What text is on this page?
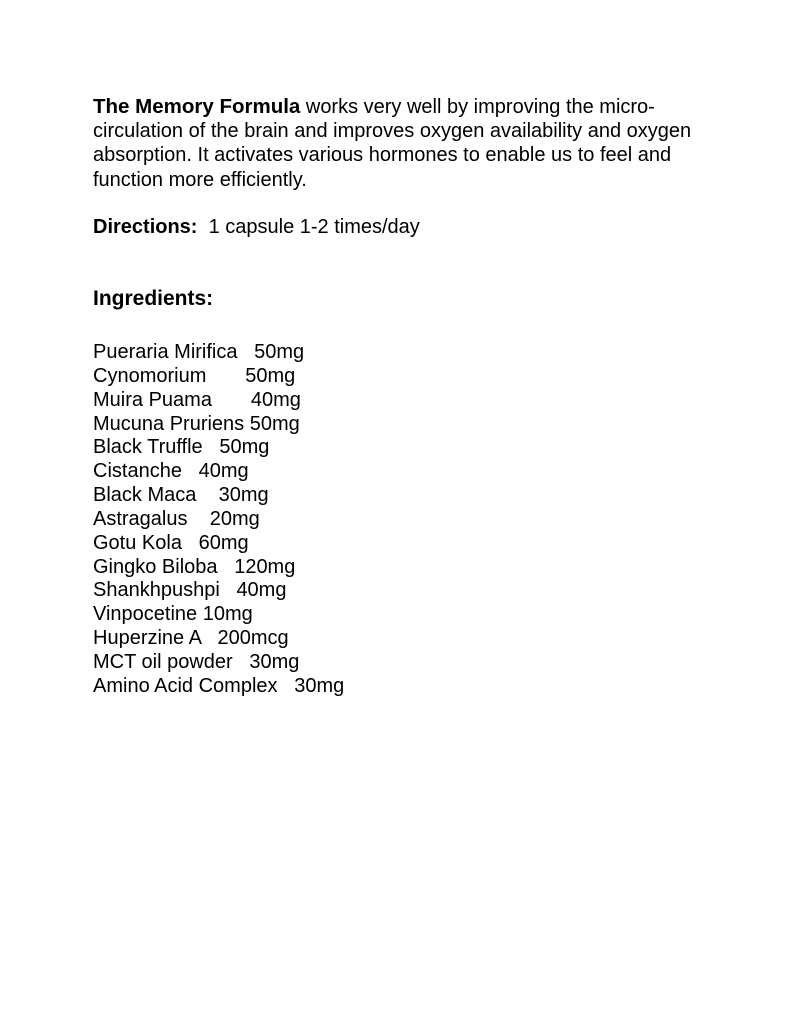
The Memory Formula works very well by improving the micro-circulation of the brain and improves oxygen availability and oxygen absorption. It activates various hormones to enable us to feel and function more efficiently.
Directions:  1 capsule 1-2 times/day
Ingredients:
Pueraria Mirifica   50mg
Cynomorium       50mg
Muira Puama       40mg
Mucuna Pruriens 50mg
Black Truffle   50mg
Cistanche   40mg
Black Maca    30mg
Astragalus    20mg
Gotu Kola   60mg
Gingko Biloba   120mg
Shankhpushpi   40mg
Vinpocetine 10mg
Huperzine A   200mcg
MCT oil powder   30mg
Amino Acid Complex   30mg
